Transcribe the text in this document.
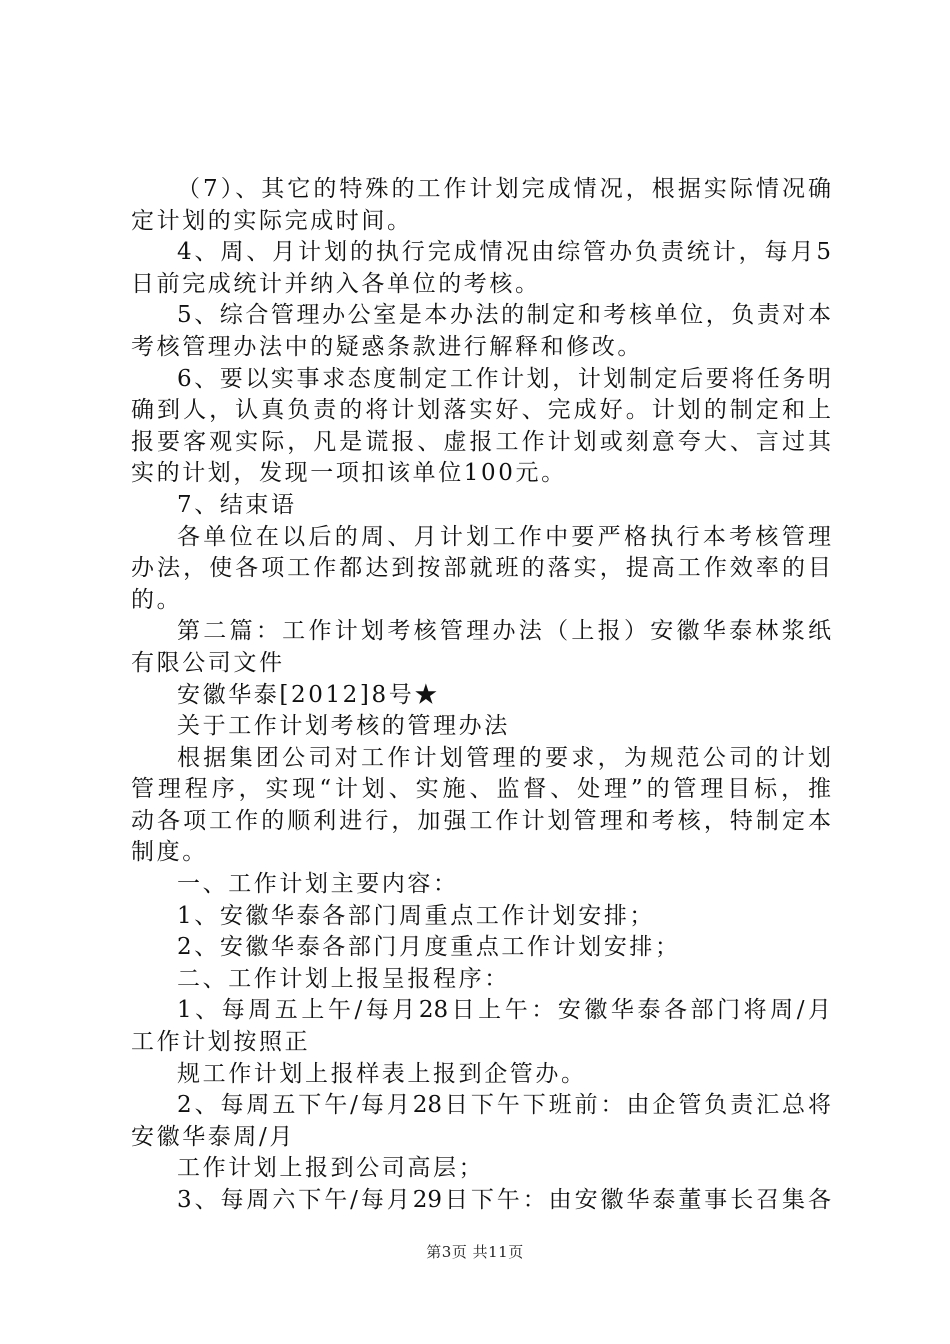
（7）、其它的特殊的工作计划完成情况，根据实际情况确
定计划的实际完成时间。
4、周、月计划的执行完成情况由综管办负责统计，每月5
日前完成统计并纳入各单位的考核。
5、综合管理办公室是本办法的制定和考核单位，负责对本
考核管理办法中的疑惑条款进行解释和修改。
6、要以实事求态度制定工作计划，计划制定后要将任务明
确到人，认真负责的将计划落实好、完成好。计划的制定和上
报要客观实际，凡是谎报、虚报工作计划或刻意夸大、言过其
实的计划，发现一项扣该单位100元。
7、结束语
各单位在以后的周、月计划工作中要严格执行本考核管理
办法，使各项工作都达到按部就班的落实，提高工作效率的目
的。
第二篇：工作计划考核管理办法（上报）安徽华泰林浆纸
有限公司文件
安徽华泰[2012]8号★
关于工作计划考核的管理办法
根据集团公司对工作计划管理的要求，为规范公司的计划
管理程序，实现“计划、实施、监督、处理”的管理目标，推
动各项工作的顺利进行，加强工作计划管理和考核，特制定本
制度。
一、工作计划主要内容：
1、安徽华泰各部门周重点工作计划安排；
2、安徽华泰各部门月度重点工作计划安排；
二、工作计划上报呈报程序：
1、每周五上午/每月28日上午：安徽华泰各部门将周/月
工作计划按照正
规工作计划上报样表上报到企管办。
2、每周五下午/每月28日下午下班前：由企管负责汇总将
安徽华泰周/月
工作计划上报到公司高层；
3、每周六下午/每月29日下午：由安徽华泰董事长召集各
第3页 共11页
